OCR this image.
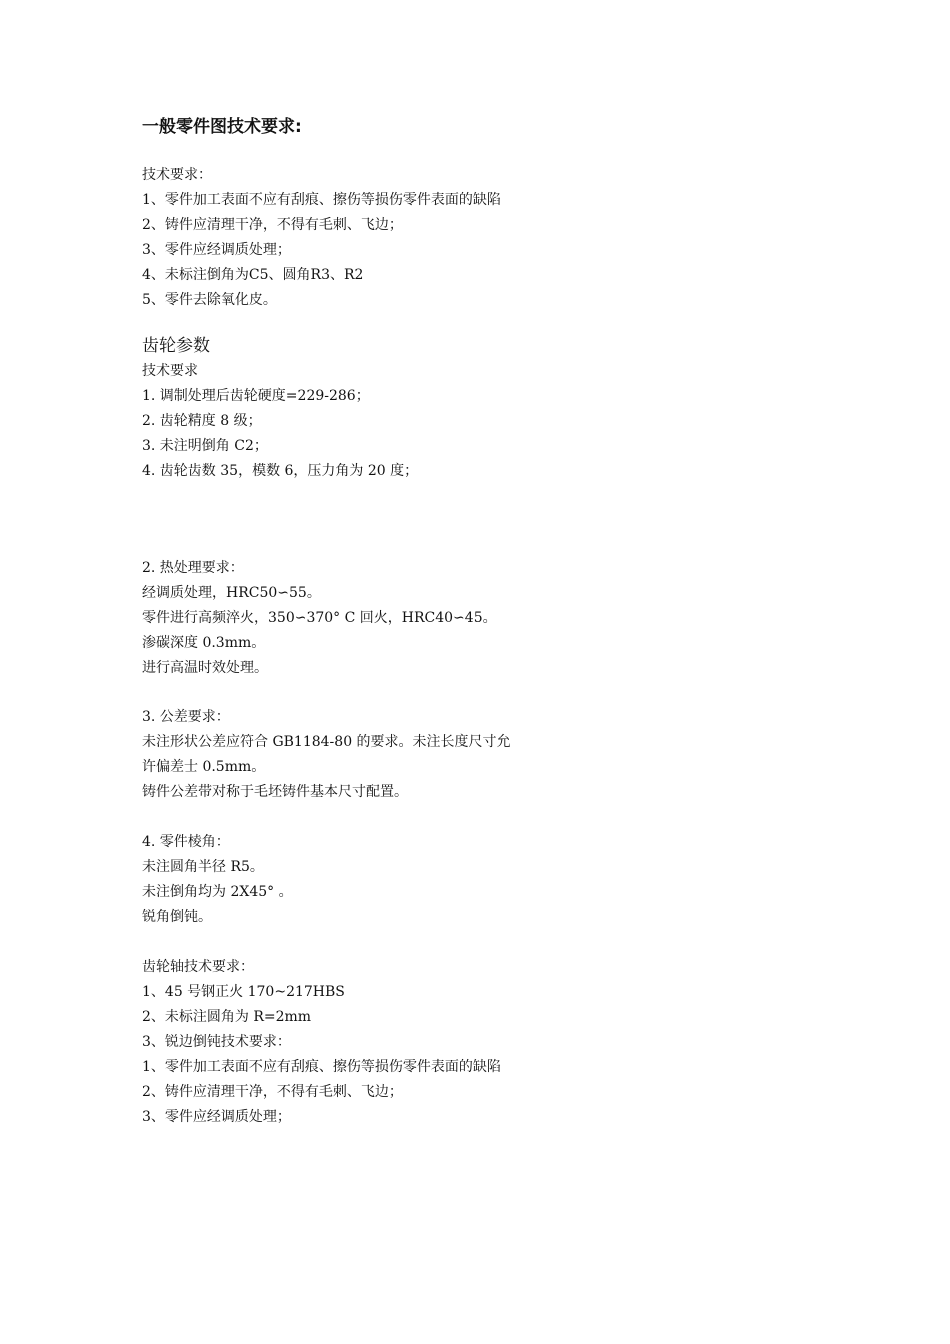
一般零件图技术要求:
技术要求：
1、零件加工表面不应有刮痕、擦伤等损伤零件表面的缺陷
2、铸件应清理干净，不得有毛刺、飞边；
3、零件应经调质处理；
4、未标注倒角为C5、圆角R3、R2
5、零件去除氧化皮。
齿轮参数
技术要求
1. 调制处理后齿轮硬度=229-286；
2. 齿轮精度 8 级；
3. 未注明倒角 C2；
4. 齿轮齿数 35，模数 6，压力角为 20 度；
2. 热处理要求：
经调质处理，HRC50∽55。
零件进行高频淬火，350∽370° C 回火，HRC40∽45。
渗碳深度 0.3mm。
进行高温时效处理。
3. 公差要求：
未注形状公差应符合 GB1184-80 的要求。未注长度尺寸允
许偏差士 0.5mm。
铸件公差带对称于毛坯铸件基本尺寸配置。
4. 零件棱角：
未注圆角半径 R5。
未注倒角均为 2X45° 。
锐角倒钝。
齿轮轴技术要求：
1、45 号钢正火 170~217HBS
2、未标注圆角为 R=2mm
3、锐边倒钝技术要求：
1、零件加工表面不应有刮痕、擦伤等损伤零件表面的缺陷
2、铸件应清理干净，不得有毛刺、飞边；
3、零件应经调质处理；
